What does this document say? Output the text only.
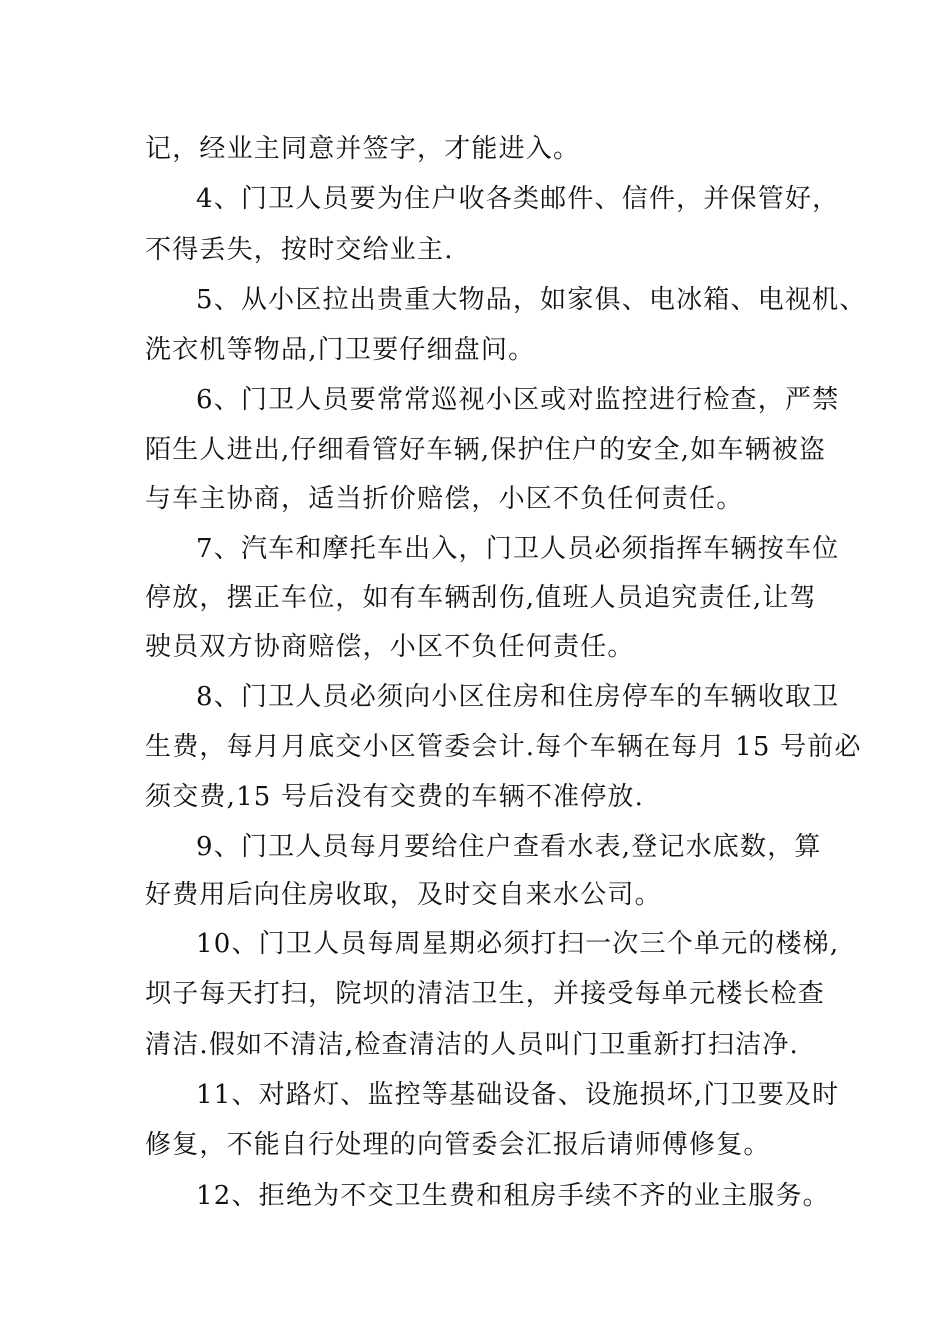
记，经业主同意并签字，才能进入。
4、门卫人员要为住户收各类邮件、信件，并保管好，
不得丢失，按时交给业主.
5、从小区拉出贵重大物品，如家俱、电冰箱、电视机、
洗衣机等物品,门卫要仔细盘问。
6、门卫人员要常常巡视小区或对监控进行检查，严禁
陌生人进出,仔细看管好车辆,保护住户的安全,如车辆被盗
与车主协商，适当折价赔偿，小区不负任何责任。
7、汽车和摩托车出入，门卫人员必须指挥车辆按车位
停放，摆正车位，如有车辆刮伤,值班人员追究责任,让驾
驶员双方协商赔偿，小区不负任何责任。
8、门卫人员必须向小区住房和住房停车的车辆收取卫
生费，每月月底交小区管委会计.每个车辆在每月 15 号前必
须交费,15 号后没有交费的车辆不准停放.
9、门卫人员每月要给住户查看水表,登记水底数，算
好费用后向住房收取，及时交自来水公司。
10、门卫人员每周星期必须打扫一次三个单元的楼梯,
坝子每天打扫，院坝的清洁卫生，并接受每单元楼长检查
清洁.假如不清洁,检查清洁的人员叫门卫重新打扫洁净.
11、对路灯、监控等基础设备、设施损坏,门卫要及时
修复，不能自行处理的向管委会汇报后请师傅修复。
12、拒绝为不交卫生费和租房手续不齐的业主服务。
